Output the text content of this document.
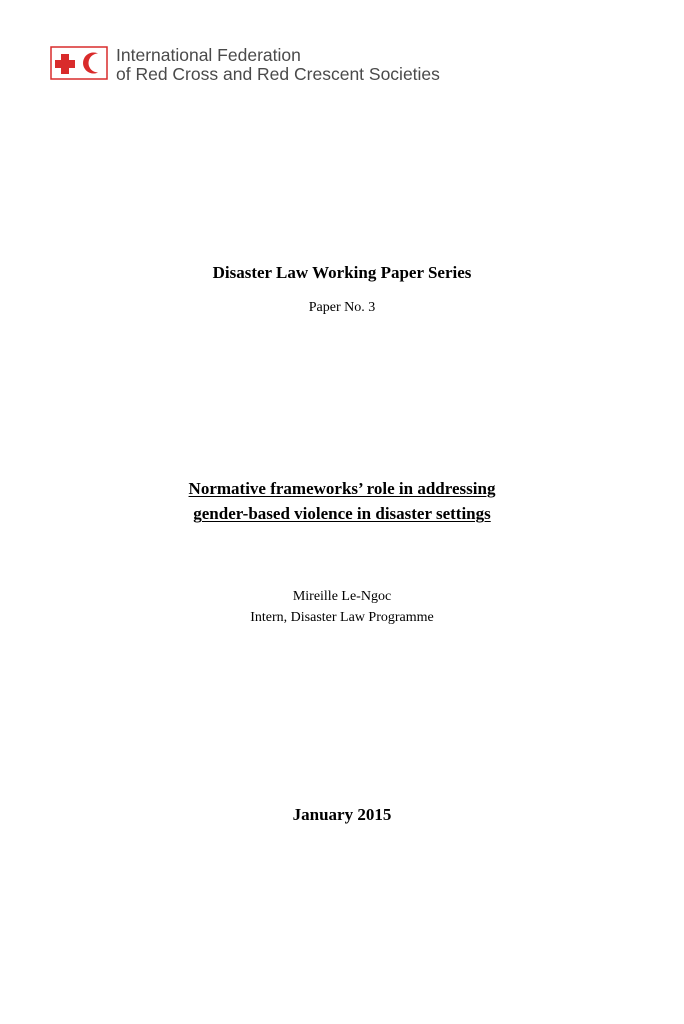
International Federation
of Red Cross and Red Crescent Societies
Disaster Law Working Paper Series
Paper No. 3
Normative frameworks’ role in addressing
gender-based violence in disaster settings
Mireille Le-Ngoc
Intern, Disaster Law Programme
January 2015
